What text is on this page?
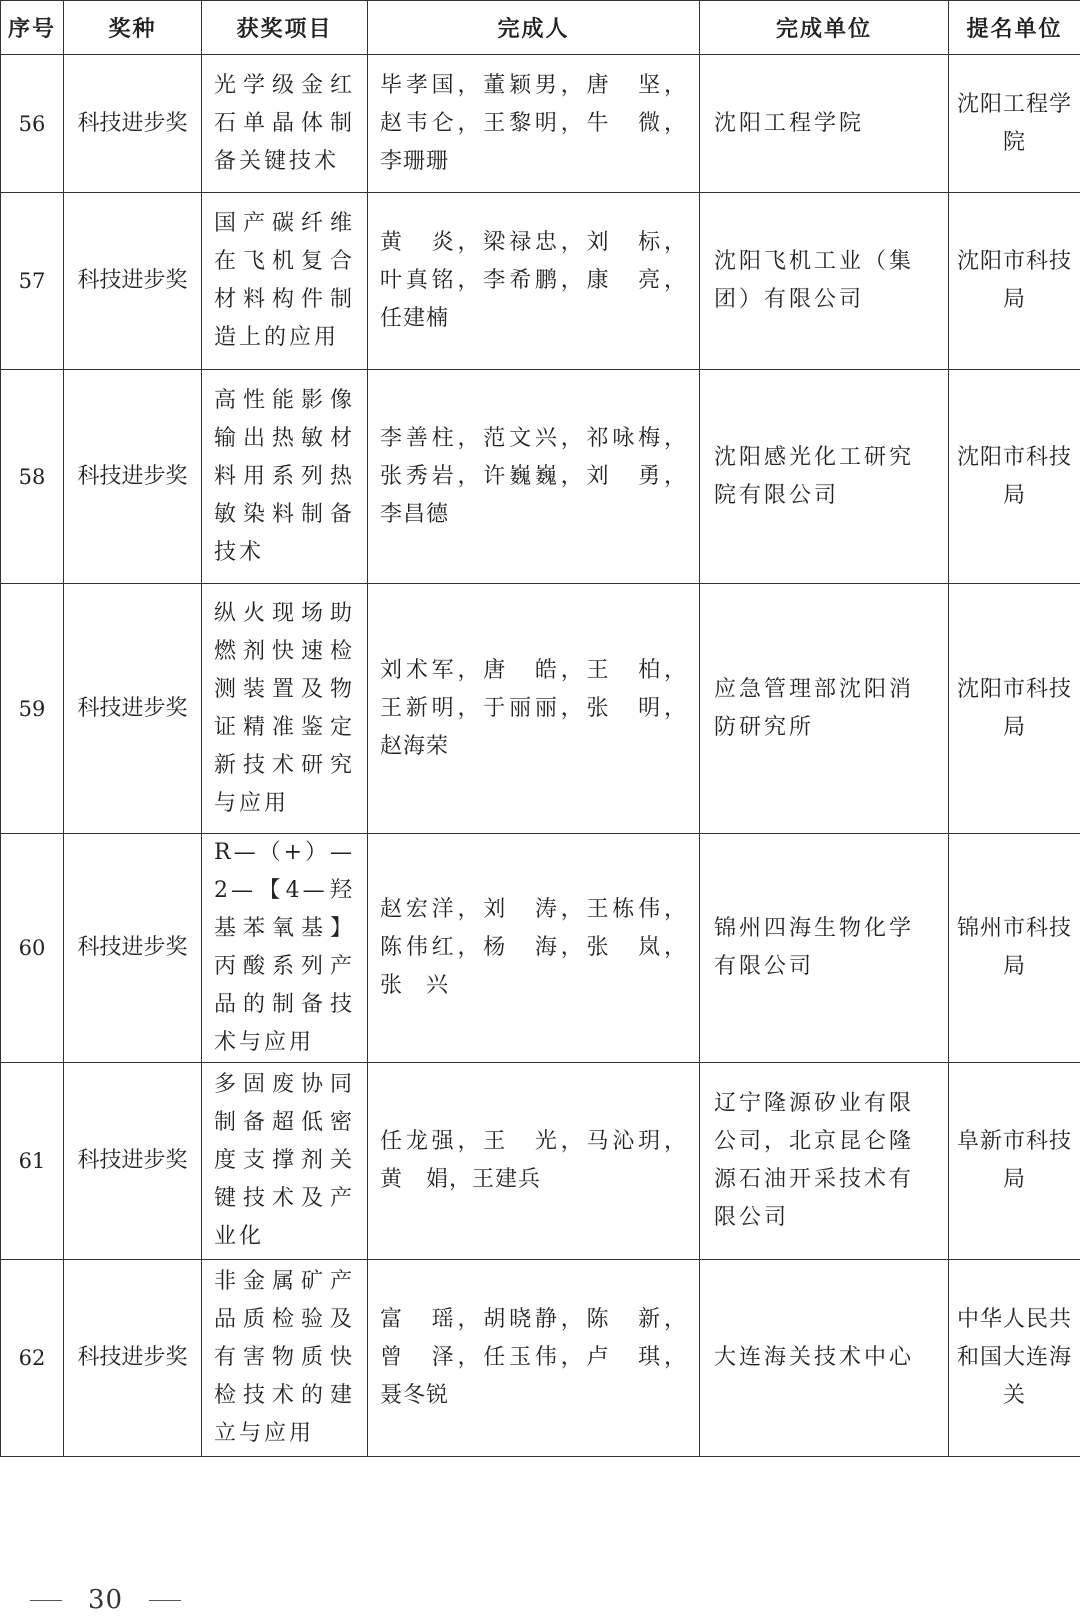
序号	奖种	获奖项目	完成人	完成单位	提名单位
56	科技进步奖	光学级金红石单晶体制备关键技术	毕孝国，董颖男，唐　坚，
赵韦仑，王黎明，牛　微，
李珊珊	沈阳工程学院	沈阳工程学院
57	科技进步奖	国产碳纤维在飞机复合材料构件制造上的应用	黄　炎，梁禄忠，刘　标，
叶真铭，李希鹏，康　亮，
任建楠	沈阳飞机工业（集团）有限公司	沈阳市科技局
58	科技进步奖	高性能影像输出热敏材料用系列热敏染料制备技术	李善柱，范文兴，祁咏梅，
张秀岩，许巍巍，刘　勇，
李昌德	沈阳感光化工研究院有限公司	沈阳市科技局
59	科技进步奖	纵火现场助燃剂快速检测装置及物证精准鉴定新技术研究与应用	刘术军，唐　皓，王　柏，
王新明，于丽丽，张　明，
赵海荣	应急管理部沈阳消防研究所	沈阳市科技局
60	科技进步奖	R—（+）—2—【4—羟基苯氧基】丙酸系列产品的制备技术与应用	赵宏洋，刘　涛，王栋伟，
陈伟红，杨　海，张　岚，
张　兴	锦州四海生物化学有限公司	锦州市科技局
61	科技进步奖	多固废协同制备超低密度支撑剂关键技术及产业化	任龙强，王　光，马沁玥，
黄　娟，王建兵	辽宁隆源矽业有限公司，北京昆仑隆源石油开采技术有限公司	阜新市科技局
62	科技进步奖	非金属矿产品质检验及有害物质快检技术的建立与应用	富　瑶，胡晓静，陈　新，
曾　泽，任玉伟，卢　琪，
聂冬锐	大连海关技术中心	中华人民共和国大连海关
30
